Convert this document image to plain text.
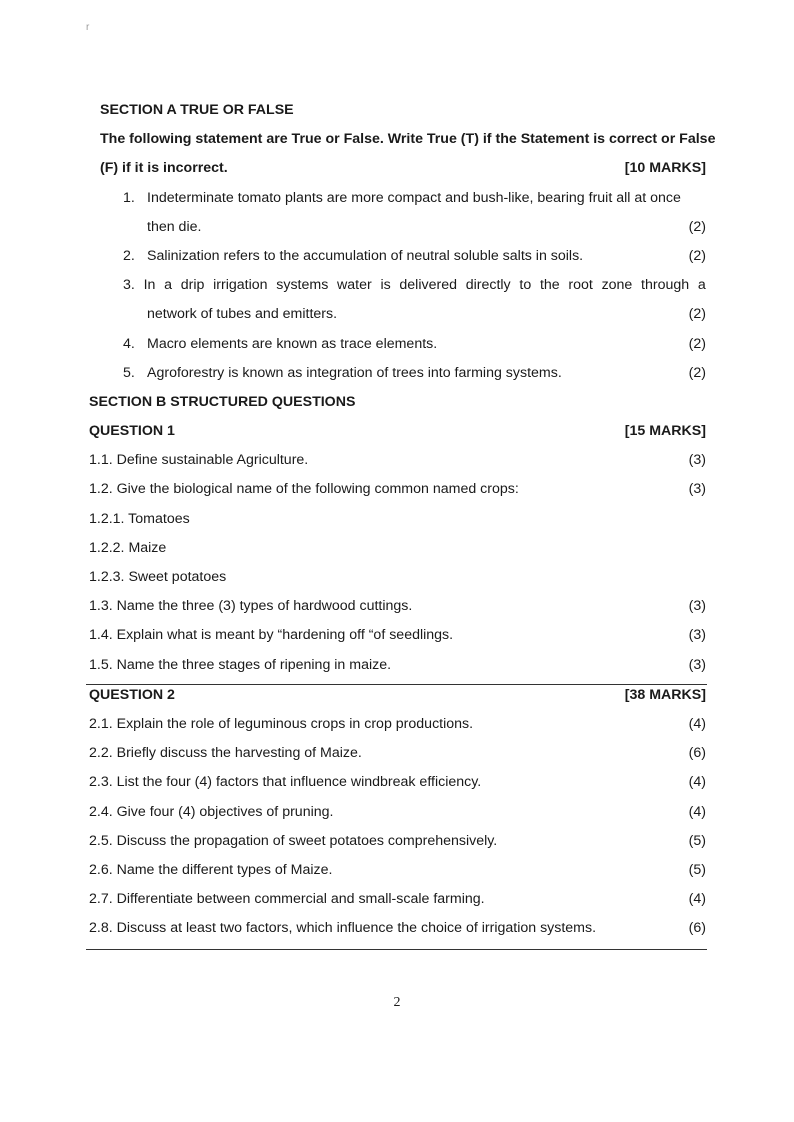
r
SECTION A TRUE OR FALSE
The following statement are True or False. Write True (T) if the Statement is correct or False
(F) if it is incorrect.	[10 MARKS]
1. Indeterminate tomato plants are more compact and bush-like, bearing fruit all at once
then die.	(2)
2. Salinization refers to the accumulation of neutral soluble salts in soils.	(2)
3. In a drip irrigation systems water is delivered directly to the root zone through a
network of tubes and emitters.	(2)
4. Macro elements are known as trace elements.	(2)
5. Agroforestry is known as integration of trees into farming systems.	(2)
SECTION B STRUCTURED QUESTIONS
QUESTION 1	[15 MARKS]
1.1. Define sustainable Agriculture.	(3)
1.2. Give the biological name of the following common named crops:	(3)
1.2.1. Tomatoes
1.2.2. Maize
1.2.3. Sweet potatoes
1.3. Name the three (3) types of hardwood cuttings.	(3)
1.4. Explain what is meant by “hardening off “of seedlings.	(3)
1.5. Name the three stages of ripening in maize.	(3)
QUESTION 2	[38 MARKS]
2.1. Explain the role of leguminous crops in crop productions.	(4)
2.2. Briefly discuss the harvesting of Maize.	(6)
2.3. List the four (4) factors that influence windbreak efficiency.	(4)
2.4. Give four (4) objectives of pruning.	(4)
2.5. Discuss the propagation of sweet potatoes comprehensively.	(5)
2.6. Name the different types of Maize.	(5)
2.7. Differentiate between commercial and small-scale farming.	(4)
2.8. Discuss at least two factors, which influence the choice of irrigation systems.	(6)
2
